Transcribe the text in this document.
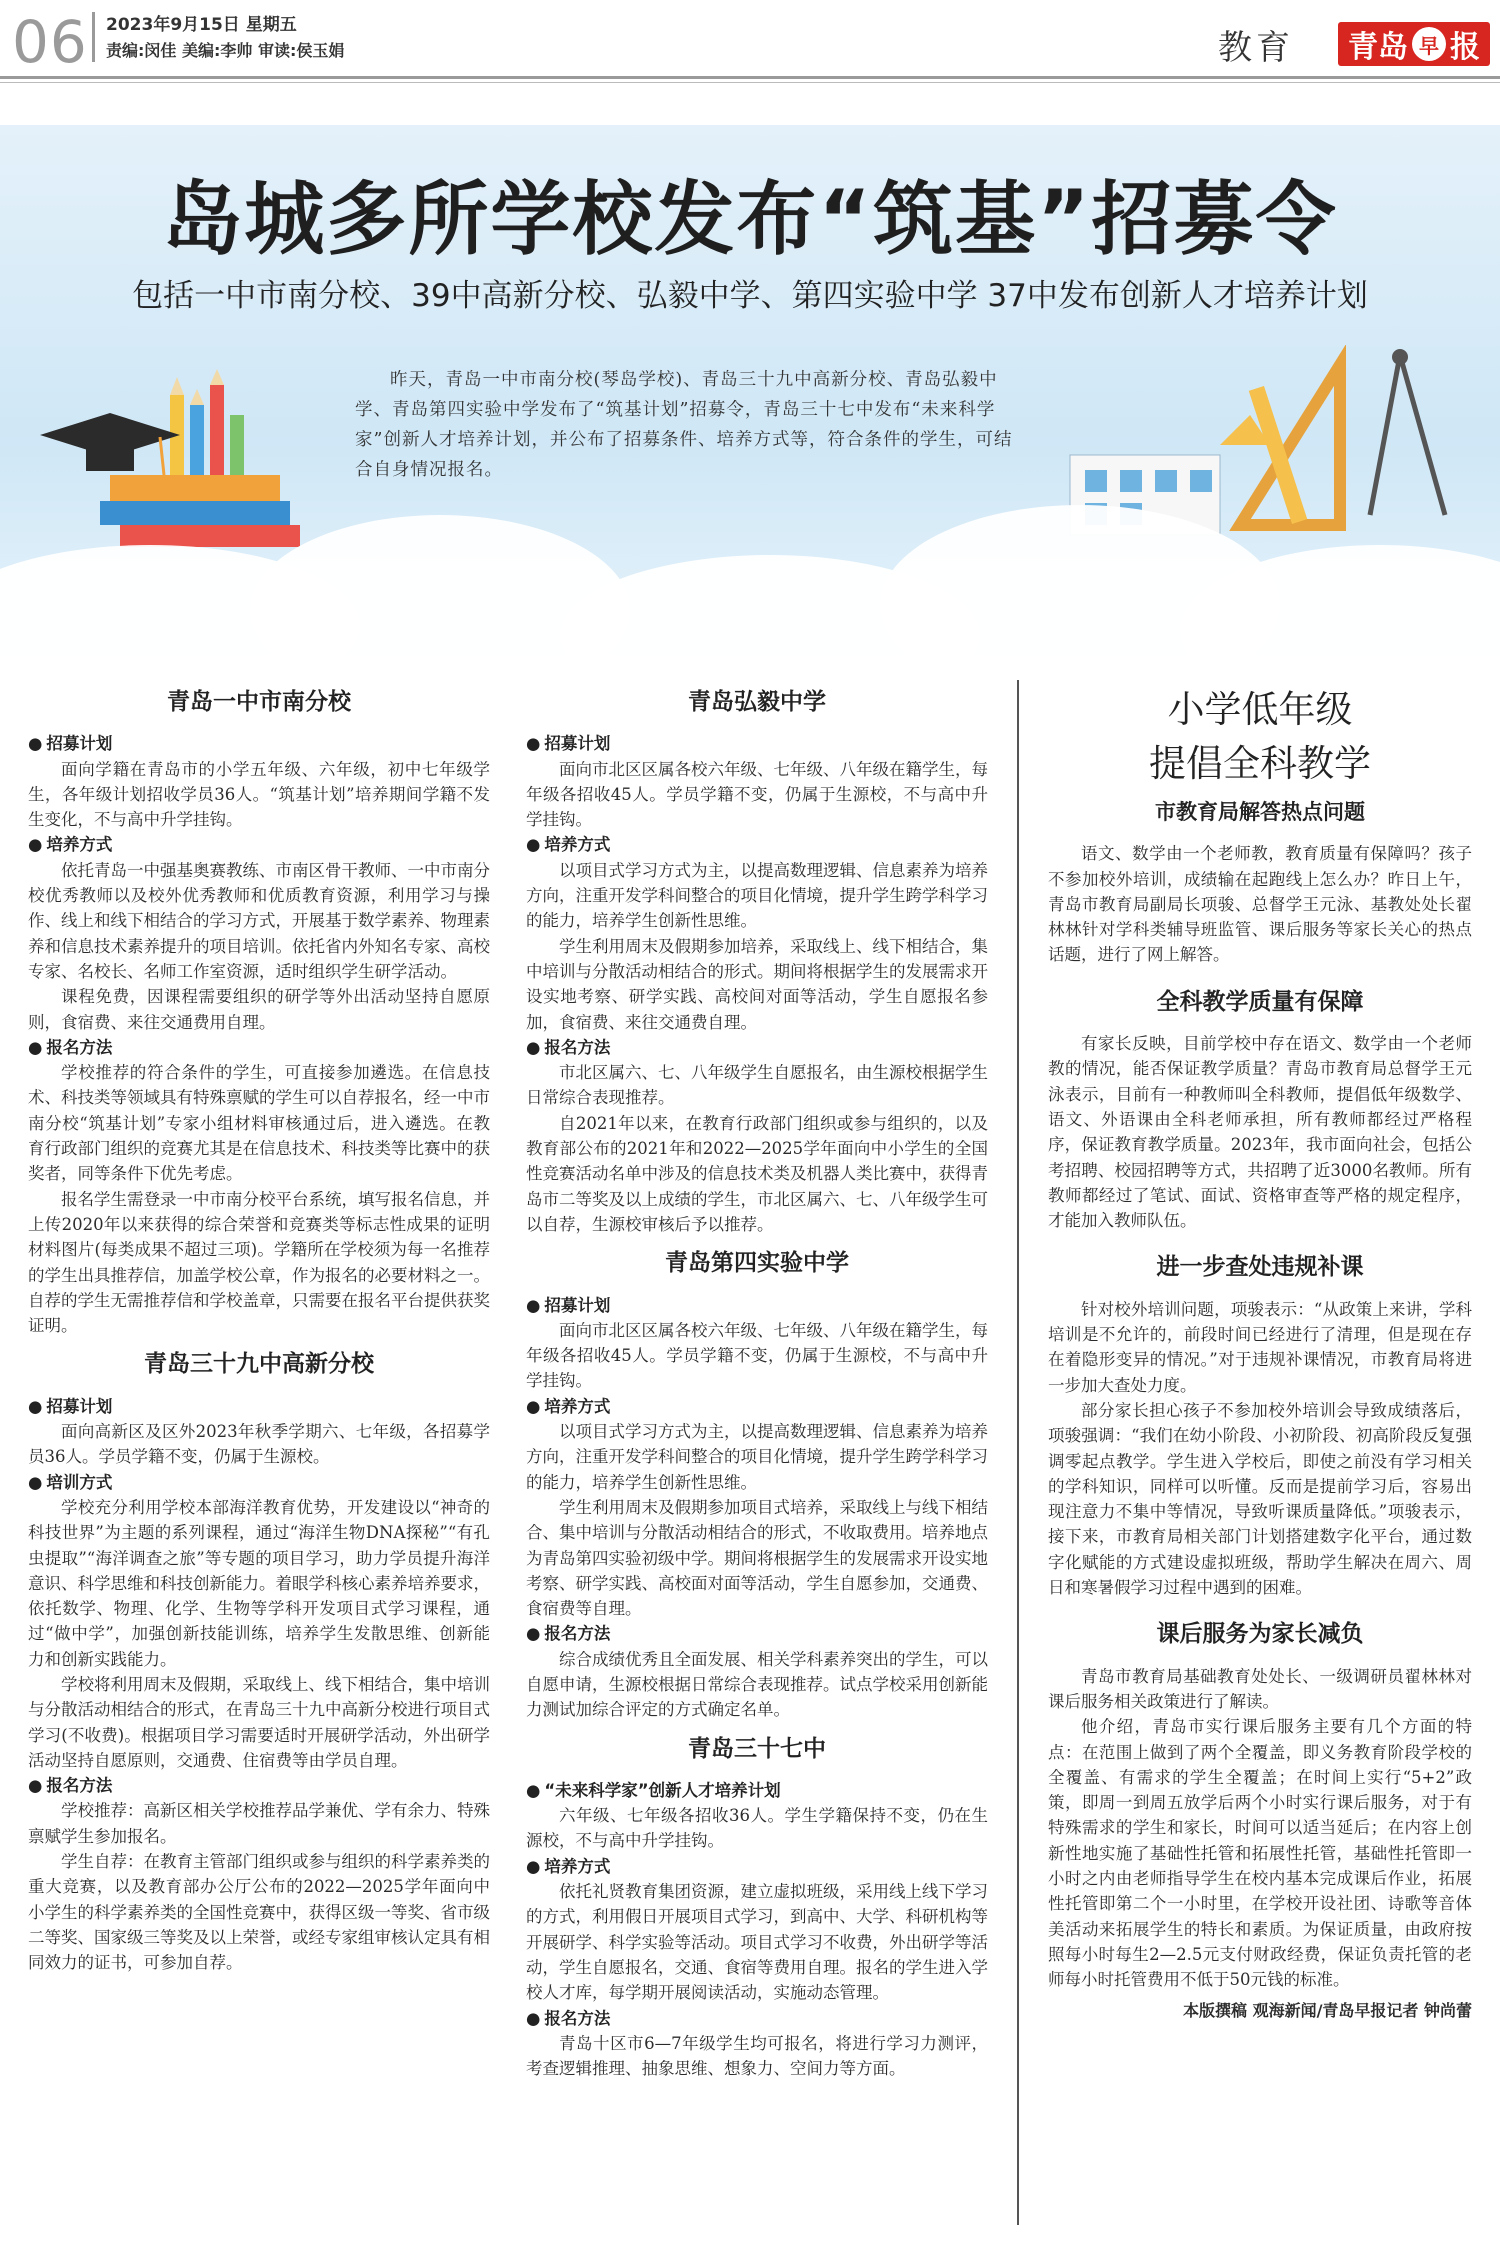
06 2023年9月15日 星期五
责编:闵佳 美编:李帅 审读:侯玉娟	教育 青岛 早 报
岛城多所学校发布“筑基”招募令
包括一中市南分校、39中高新分校、弘毅中学、第四实验中学 37中发布创新人才培养计划
昨天，青岛一中市南分校(琴岛学校)、青岛三十九中高新分校、青岛弘毅中学、青岛第四实验中学发布了“筑基计划”招募令，青岛三十七中发布“未来科学家”创新人才培养计划，并公布了招募条件、培养方式等，符合条件的学生，可结合自身情况报名。
青岛一中市南分校
● 招募计划

面向学籍在青岛市的小学五年级、六年级，初中七年级学生，各年级计划招收学员36人。“筑基计划”培养期间学籍不发生变化，不与高中升学挂钩。

● 培养方式

依托青岛一中强基奥赛教练、市南区骨干教师、一中市南分校优秀教师以及校外优秀教师和优质教育资源，利用学习与操作、线上和线下相结合的学习方式，开展基于数学素养、物理素养和信息技术素养提升的项目培训。依托省内外知名专家、高校专家、名校长、名师工作室资源，适时组织学生研学活动。

课程免费，因课程需要组织的研学等外出活动坚持自愿原则，食宿费、来往交通费用自理。

● 报名方法

学校推荐的符合条件的学生，可直接参加遴选。在信息技术、科技类等领域具有特殊禀赋的学生可以自荐报名，经一中市南分校“筑基计划”专家小组材料审核通过后，进入遴选。在教育行政部门组织的竞赛尤其是在信息技术、科技类等比赛中的获奖者，同等条件下优先考虑。

报名学生需登录一中市南分校平台系统，填写报名信息，并上传2020年以来获得的综合荣誉和竞赛类等标志性成果的证明材料图片(每类成果不超过三项)。学籍所在学校须为每一名推荐的学生出具推荐信，加盖学校公章，作为报名的必要材料之一。自荐的学生无需推荐信和学校盖章，只需要在报名平台提供获奖证明。

青岛三十九中高新分校
● 招募计划

面向高新区及区外2023年秋季学期六、七年级，各招募学员36人。学员学籍不变，仍属于生源校。

● 培训方式

学校充分利用学校本部海洋教育优势，开发建设以“神奇的科技世界”为主题的系列课程，通过“海洋生物DNA探秘”“有孔虫提取”“海洋调查之旅”等专题的项目学习，助力学员提升海洋意识、科学思维和科技创新能力。着眼学科核心素养培养要求，依托数学、物理、化学、生物等学科开发项目式学习课程，通过“做中学”，加强创新技能训练，培养学生发散思维、创新能力和创新实践能力。

学校将利用周末及假期，采取线上、线下相结合，集中培训与分散活动相结合的形式，在青岛三十九中高新分校进行项目式学习(不收费)。根据项目学习需要适时开展研学活动，外出研学活动坚持自愿原则，交通费、住宿费等由学员自理。

● 报名方法

学校推荐：高新区相关学校推荐品学兼优、学有余力、特殊禀赋学生参加报名。

学生自荐：在教育主管部门组织或参与组织的科学素养类的重大竞赛，以及教育部办公厅公布的2022—2025学年面向中小学生的科学素养类的全国性竞赛中，获得区级一等奖、省市级二等奖、国家级三等奖及以上荣誉，或经专家组审核认定具有相同效力的证书，可参加自荐。

青岛弘毅中学
● 招募计划

面向市北区区属各校六年级、七年级、八年级在籍学生，每年级各招收45人。学员学籍不变，仍属于生源校，不与高中升学挂钩。

● 培养方式

以项目式学习方式为主，以提高数理逻辑、信息素养为培养方向，注重开发学科间整合的项目化情境，提升学生跨学科学习的能力，培养学生创新性思维。

学生利用周末及假期参加培养，采取线上、线下相结合，集中培训与分散活动相结合的形式。期间将根据学生的发展需求开设实地考察、研学实践、高校间对面等活动，学生自愿报名参加，食宿费、来往交通费自理。

● 报名方法

市北区属六、七、八年级学生自愿报名，由生源校根据学生日常综合表现推荐。

自2021年以来，在教育行政部门组织或参与组织的，以及教育部公布的2021年和2022—2025学年面向中小学生的全国性竞赛活动名单中涉及的信息技术类及机器人类比赛中，获得青岛市二等奖及以上成绩的学生，市北区属六、七、八年级学生可以自荐，生源校审核后予以推荐。

青岛第四实验中学
● 招募计划

面向市北区区属各校六年级、七年级、八年级在籍学生，每年级各招收45人。学员学籍不变，仍属于生源校，不与高中升学挂钩。

● 培养方式

以项目式学习方式为主，以提高数理逻辑、信息素养为培养方向，注重开发学科间整合的项目化情境，提升学生跨学科学习的能力，培养学生创新性思维。

学生利用周末及假期参加项目式培养，采取线上与线下相结合、集中培训与分散活动相结合的形式，不收取费用。培养地点为青岛第四实验初级中学。期间将根据学生的发展需求开设实地考察、研学实践、高校面对面等活动，学生自愿参加，交通费、食宿费等自理。

● 报名方法

综合成绩优秀且全面发展、相关学科素养突出的学生，可以自愿申请，生源校根据日常综合表现推荐。试点学校采用创新能力测试加综合评定的方式确定名单。

青岛三十七中
● “未来科学家”创新人才培养计划

六年级、七年级各招收36人。学生学籍保持不变，仍在生源校，不与高中升学挂钩。

● 培养方式

依托礼贤教育集团资源，建立虚拟班级，采用线上线下学习的方式，利用假日开展项目式学习，到高中、大学、科研机构等开展研学、科学实验等活动。项目式学习不收费，外出研学等活动，学生自愿报名，交通、食宿等费用自理。报名的学生进入学校人才库，每学期开展阅读活动，实施动态管理。

● 报名方法

青岛十区市6—7年级学生均可报名，将进行学习力测评，考查逻辑推理、抽象思维、想象力、空间力等方面。

小学低年级
提倡全科教学
市教育局解答热点问题

语文、数学由一个老师教，教育质量有保障吗？孩子不参加校外培训，成绩输在起跑线上怎么办？昨日上午，青岛市教育局副局长项骏、总督学王元泳、基教处处长翟林林针对学科类辅导班监管、课后服务等家长关心的热点话题，进行了网上解答。

全科教学质量有保障

有家长反映，目前学校中存在语文、数学由一个老师教的情况，能否保证教学质量？青岛市教育局总督学王元泳表示，目前有一种教师叫全科教师，提倡低年级数学、语文、外语课由全科老师承担，所有教师都经过严格程序，保证教育教学质量。2023年，我市面向社会，包括公考招聘、校园招聘等方式，共招聘了近3000名教师。所有教师都经过了笔试、面试、资格审查等严格的规定程序，才能加入教师队伍。

进一步查处违规补课

针对校外培训问题，项骏表示：“从政策上来讲，学科培训是不允许的，前段时间已经进行了清理，但是现在存在着隐形变异的情况。”对于违规补课情况，市教育局将进一步加大查处力度。

部分家长担心孩子不参加校外培训会导致成绩落后，项骏强调：“我们在幼小阶段、小初阶段、初高阶段反复强调零起点教学。学生进入学校后，即使之前没有学习相关的学科知识，同样可以听懂。反而是提前学习后，容易出现注意力不集中等情况，导致听课质量降低。”项骏表示，接下来，市教育局相关部门计划搭建数字化平台，通过数字化赋能的方式建设虚拟班级，帮助学生解决在周六、周日和寒暑假学习过程中遇到的困难。

课后服务为家长减负

青岛市教育局基础教育处处长、一级调研员翟林林对课后服务相关政策进行了解读。

他介绍，青岛市实行课后服务主要有几个方面的特点：在范围上做到了两个全覆盖，即义务教育阶段学校的全覆盖、有需求的学生全覆盖；在时间上实行“5+2”政策，即周一到周五放学后两个小时实行课后服务，对于有特殊需求的学生和家长，时间可以适当延后；在内容上创新性地实施了基础性托管和拓展性托管，基础性托管即一小时之内由老师指导学生在校内基本完成课后作业，拓展性托管即第二个一小时里，在学校开设社团、诗歌等音体美活动来拓展学生的特长和素质。为保证质量，由政府按照每小时每生2—2.5元支付财政经费，保证负责托管的老师每小时托管费用不低于50元钱的标准。

本版撰稿 观海新闻/青岛早报记者 钟尚蕾
